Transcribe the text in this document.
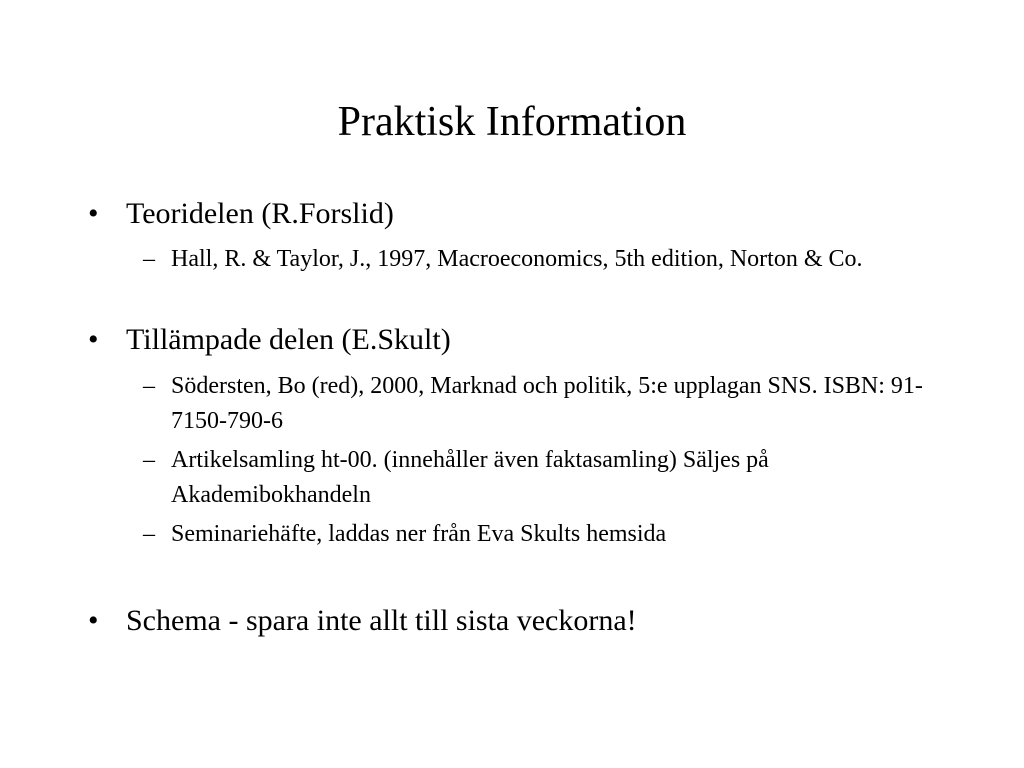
Praktisk Information
• Teoridelen (R.Forslid)
– Hall, R. & Taylor, J., 1997, Macroeconomics, 5th edition, Norton & Co.
• Tillämpade delen (E.Skult)
– Södersten, Bo (red), 2000, Marknad och politik, 5:e upplagan SNS. ISBN: 91-7150-790-6
– Artikelsamling ht-00. (innehåller även faktasamling) Säljes på Akademibokhandeln
– Seminariehäfte, laddas ner från Eva Skults hemsida
• Schema - spara inte allt till sista veckorna!
